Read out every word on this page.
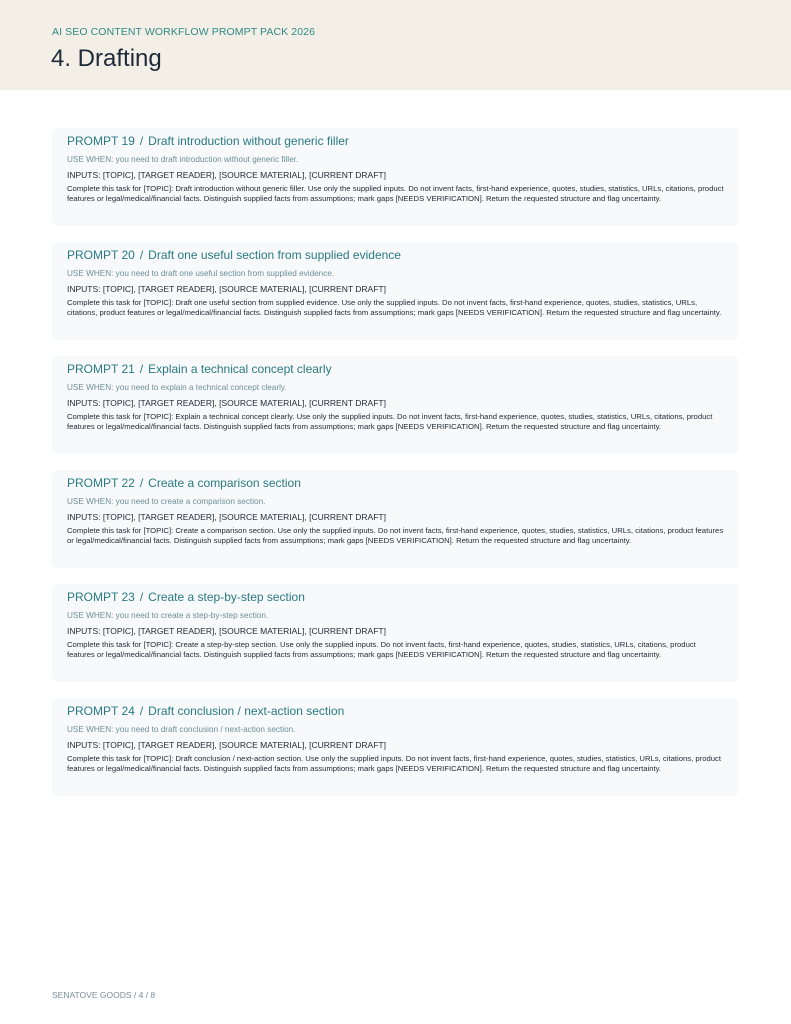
AI SEO CONTENT WORKFLOW PROMPT PACK 2026
4. Drafting
PROMPT 19 / Draft introduction without generic filler
USE WHEN: you need to draft introduction without generic filler.
INPUTS: [TOPIC], [TARGET READER], [SOURCE MATERIAL], [CURRENT DRAFT]

Complete this task for [TOPIC]: Draft introduction without generic filler. Use only the supplied inputs. Do not invent facts, first-hand experience, quotes, studies, statistics, URLs, citations, product features or legal/medical/financial facts. Distinguish supplied facts from assumptions; mark gaps [NEEDS VERIFICATION]. Return the requested structure and flag uncertainty.

PROMPT 20 / Draft one useful section from supplied evidence
USE WHEN: you need to draft one useful section from supplied evidence.
INPUTS: [TOPIC], [TARGET READER], [SOURCE MATERIAL], [CURRENT DRAFT]

Complete this task for [TOPIC]: Draft one useful section from supplied evidence. Use only the supplied inputs. Do not invent facts, first-hand experience, quotes, studies, statistics, URLs, citations, product features or legal/medical/financial facts. Distinguish supplied facts from assumptions; mark gaps [NEEDS VERIFICATION]. Return the requested structure and flag uncertainty.

PROMPT 21 / Explain a technical concept clearly
USE WHEN: you need to explain a technical concept clearly.
INPUTS: [TOPIC], [TARGET READER], [SOURCE MATERIAL], [CURRENT DRAFT]

Complete this task for [TOPIC]: Explain a technical concept clearly. Use only the supplied inputs. Do not invent facts, first-hand experience, quotes, studies, statistics, URLs, citations, product features or legal/medical/financial facts. Distinguish supplied facts from assumptions; mark gaps [NEEDS VERIFICATION]. Return the requested structure and flag uncertainty.

PROMPT 22 / Create a comparison section
USE WHEN: you need to create a comparison section.
INPUTS: [TOPIC], [TARGET READER], [SOURCE MATERIAL], [CURRENT DRAFT]

Complete this task for [TOPIC]: Create a comparison section. Use only the supplied inputs. Do not invent facts, first-hand experience, quotes, studies, statistics, URLs, citations, product features or legal/medical/financial facts. Distinguish supplied facts from assumptions; mark gaps [NEEDS VERIFICATION]. Return the requested structure and flag uncertainty.

PROMPT 23 / Create a step-by-step section
USE WHEN: you need to create a step-by-step section.
INPUTS: [TOPIC], [TARGET READER], [SOURCE MATERIAL], [CURRENT DRAFT]

Complete this task for [TOPIC]: Create a step-by-step section. Use only the supplied inputs. Do not invent facts, first-hand experience, quotes, studies, statistics, URLs, citations, product features or legal/medical/financial facts. Distinguish supplied facts from assumptions; mark gaps [NEEDS VERIFICATION]. Return the requested structure and flag uncertainty.

PROMPT 24 / Draft conclusion / next-action section
USE WHEN: you need to draft conclusion / next-action section.
INPUTS: [TOPIC], [TARGET READER], [SOURCE MATERIAL], [CURRENT DRAFT]

Complete this task for [TOPIC]: Draft conclusion / next-action section. Use only the supplied inputs. Do not invent facts, first-hand experience, quotes, studies, statistics, URLs, citations, product features or legal/medical/financial facts. Distinguish supplied facts from assumptions; mark gaps [NEEDS VERIFICATION]. Return the requested structure and flag uncertainty.

SENATOVE GOODS / 4 / 8
